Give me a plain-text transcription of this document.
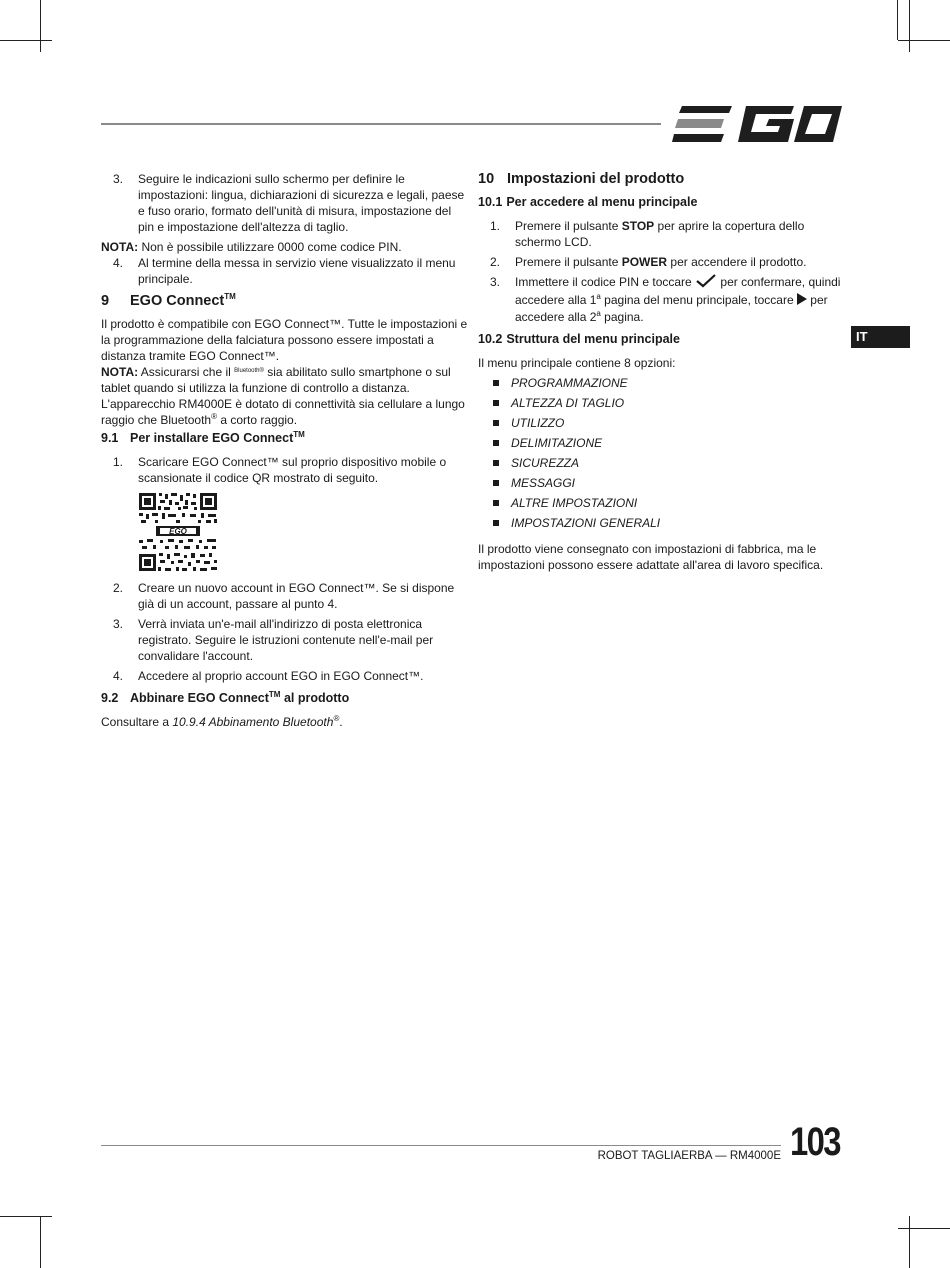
IT
3.	Seguire le indicazioni sullo schermo per definire le impostazioni: lingua, dichiarazioni di sicurezza e legali, paese e fuso orario, formato dell'unità di misura, impostazione del pin e impostazione dell'altezza di taglio.

NOTA: Non è possibile utilizzare 0000 come codice PIN.

4.	Al termine della messa in servizio viene visualizzato il menu principale.
9	EGO Connect™

Il prodotto è compatibile con EGO Connect™. Tutte le impostazioni e la programmazione della falciatura possono essere impostati a distanza tramite EGO Connect™.

NOTA: Assicurarsi che il $^{Bluetooth®}$ sia abilitato sullo smartphone o sul tablet quando si utilizza la funzione di controllo a distanza.

L'apparecchio RM4000E è dotato di connettività sia cellulare a lungo raggio che Bluetooth® a corto raggio.

9.1 Per installare EGO Connect™
1.	Scaricare EGO Connect™ sul proprio dispositivo mobile o scansionate il codice QR mostrato di seguito.
EGO
2.	Creare un nuovo account in EGO Connect™. Se si dispone già di un account, passare al punto 4.
3.	Verrà inviata un'e-mail all'indirizzo di posta elettronica registrato. Seguire le istruzioni contenute nell'e-mail per convalidare l'account.
4.	Accedere al proprio account EGO in EGO Connect™.
9.2 Abbinare EGO Connect™ al prodotto

Consultare a 10.9.4 Abbinamento Bluetooth®.

10 Impostazioni del prodotto
10.1 Per accedere al menu principale
1.	Premere il pulsante STOP per aprire la copertura dello schermo LCD.
2.	Premere il pulsante POWER per accendere il prodotto.
3.	Immettere il codice PIN e toccare  per confermare, quindi accedere alla 1$^a$ pagina del menu principale, toccare  per accedere alla 2$^a$ pagina.
10.2 Struttura del menu principale

Il menu principale contiene 8 opzioni:

PROGRAMMAZIONE
ALTEZZA DI TAGLIO
UTILIZZO
DELIMITAZIONE
SICUREZZA
MESSAGGI
ALTRE IMPOSTAZIONI
IMPOSTAZIONI GENERALI

Il prodotto viene consegnato con impostazioni di fabbrica, ma le impostazioni possono essere adattate all'area di lavoro specifica.

ROBOT TAGLIAERBA — RM4000E 103
